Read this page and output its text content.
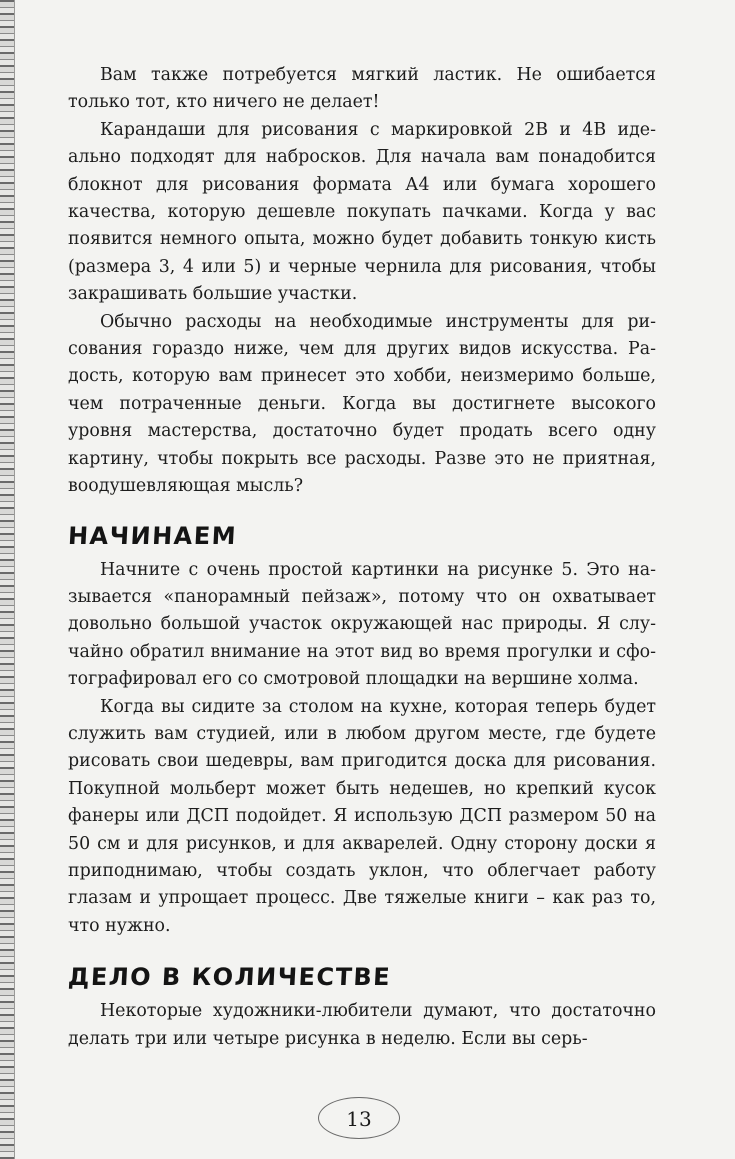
Вам также потребуется мягкий ластик. Не ошибается только тот, кто ничего не делает!

Карандаши для рисования с маркировкой 2В и 4В идеально подходят для набросков. Для начала вам понадобится блокнот для рисования формата А4 или бумага хорошего качества, которую дешевле покупать пачками. Когда у вас появится немного опыта, можно будет добавить тонкую кисть (размера 3, 4 или 5) и черные чернила для рисования, чтобы закрашивать большие участки.

Обычно расходы на необходимые инструменты для рисования гораздо ниже, чем для других видов искусства. Радость, которую вам принесет это хобби, неизмеримо больше, чем потраченные деньги. Когда вы достигнете высокого уровня мастерства, достаточно будет продать всего одну картину, чтобы покрыть все расходы. Разве это не приятная, воодушевляющая мысль?

НАЧИНАЕМ

Начните с очень простой картинки на рисунке 5. Это называется «панорамный пейзаж», потому что он охватывает довольно большой участок окружающей нас природы. Я случайно обратил внимание на этот вид во время прогулки и сфотографировал его со смотровой площадки на вершине холма.

Когда вы сидите за столом на кухне, которая теперь будет служить вам студией, или в любом другом месте, где будете рисовать свои шедевры, вам пригодится доска для рисования. Покупной мольберт может быть недешев, но крепкий кусок фанеры или ДСП подойдет. Я использую ДСП размером 50 на 50 см и для рисунков, и для акварелей. Одну сторону доски я приподнимаю, чтобы создать уклон, что облегчает работу глазам и упрощает процесс. Две тяжелые книги – как раз то, что нужно.

ДЕЛО В КОЛИЧЕСТВЕ

Некоторые художники-любители думают, что достаточно делать три или четыре рисунка в неделю. Если вы серь-

13
